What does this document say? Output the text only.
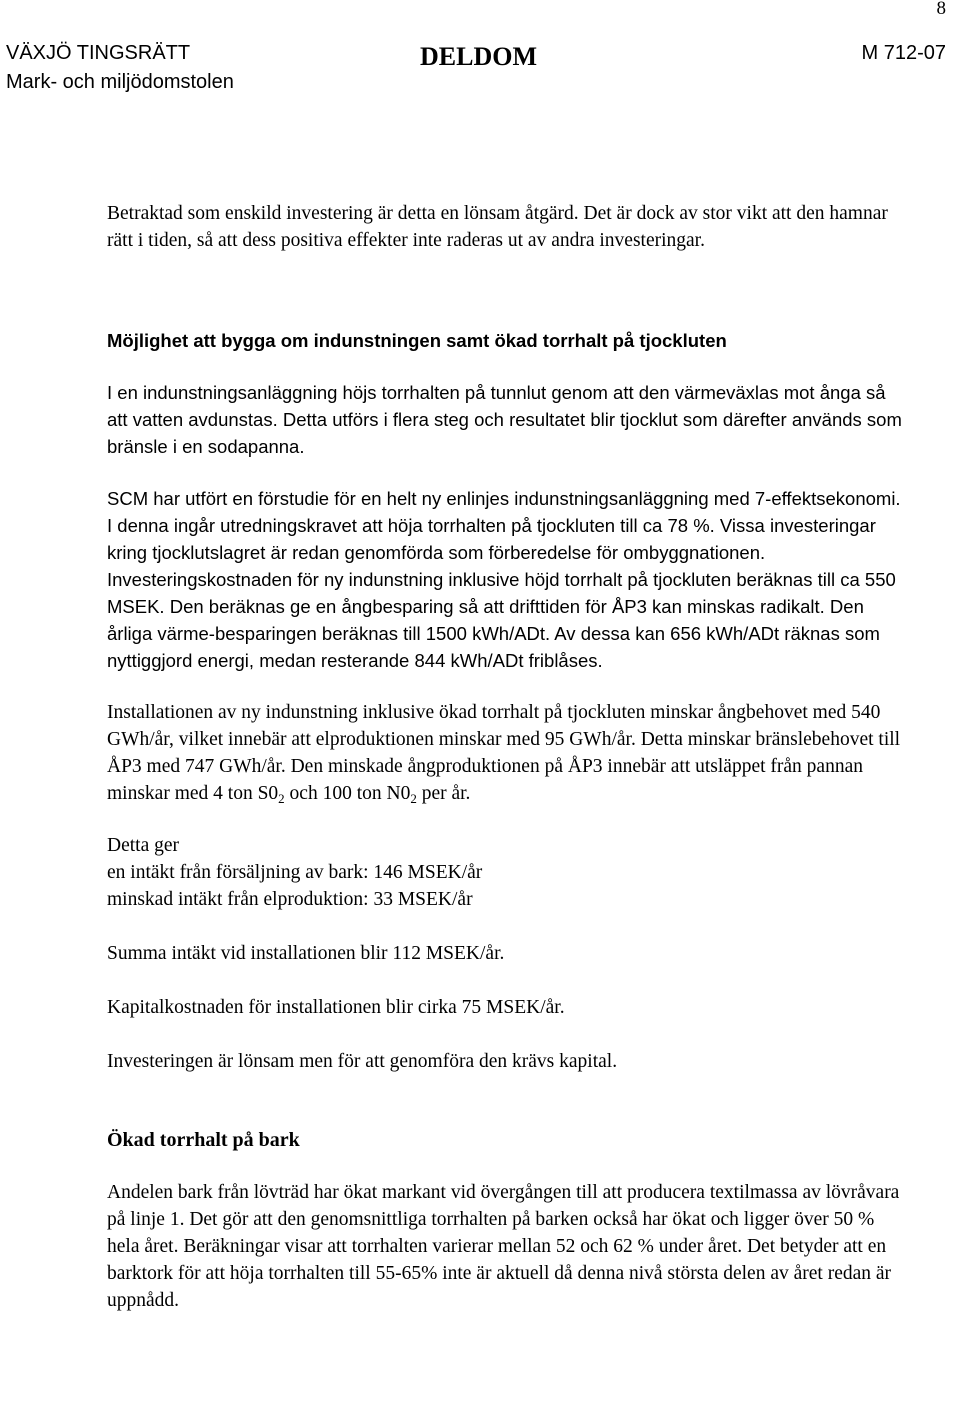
8
VÄXJÖ TINGSRÄTT
Mark- och miljödomstolen
DELDOM	M 712-07

Betraktad som enskild investering är detta en lönsam åtgärd. Det är dock av stor vikt att den hamnar rätt i tiden, så att dess positiva effekter inte raderas ut av andra investeringar.

Möjlighet att bygga om indunstningen samt ökad torrhalt på tjockluten

I en indunstningsanläggning höjs torrhalten på tunnlut genom att den värmeväxlas mot ånga så att vatten avdunstas. Detta utförs i flera steg och resultatet blir tjocklut som därefter används som bränsle i en sodapanna.

SCM har utfört en förstudie för en helt ny enlinjes indunstningsanläggning med 7-effektsekonomi. I denna ingår utredningskravet att höja torrhalten på tjockluten till ca 78 %. Vissa investeringar kring tjocklutslagret är redan genomförda som förberedelse för ombyggnationen. Investeringskostnaden för ny indunstning inklusive höjd torrhalt på tjockluten beräknas till ca 550 MSEK. Den beräknas ge en ångbesparing så att drifttiden för ÅP3 kan minskas radikalt. Den årliga värme-besparingen beräknas till 1500 kWh/ADt. Av dessa kan 656 kWh/ADt räknas som nyttiggjord energi, medan resterande 844 kWh/ADt friblåses.

Installationen av ny indunstning inklusive ökad torrhalt på tjockluten minskar ångbehovet med 540 GWh/år, vilket innebär att elproduktionen minskar med 95 GWh/år. Detta minskar bränslebehovet till ÅP3 med 747 GWh/år. Den minskade ångproduktionen på ÅP3 innebär att utsläppet från pannan minskar med 4 ton $S0_2$ och 100 ton $N0_2$ per år.

Detta ger
en intäkt från försäljning av bark: 146 MSEK/år
minskad intäkt från elproduktion: 33 MSEK/år

Summa intäkt vid installationen blir 112 MSEK/år.

Kapitalkostnaden för installationen blir cirka 75 MSEK/år.

Investeringen är lönsam men för att genomföra den krävs kapital.

Ökad torrhalt på bark

Andelen bark från lövträd har ökat markant vid övergången till att producera textilmassa av lövråvara på linje 1. Det gör att den genomsnittliga torrhalten på barken också har ökat och ligger över 50 % hela året. Beräkningar visar att torrhalten varierar mellan 52 och 62 % under året. Det betyder att en barktork för att höja torrhalten till 55-65% inte är aktuell då denna nivå största delen av året redan är uppnådd.
